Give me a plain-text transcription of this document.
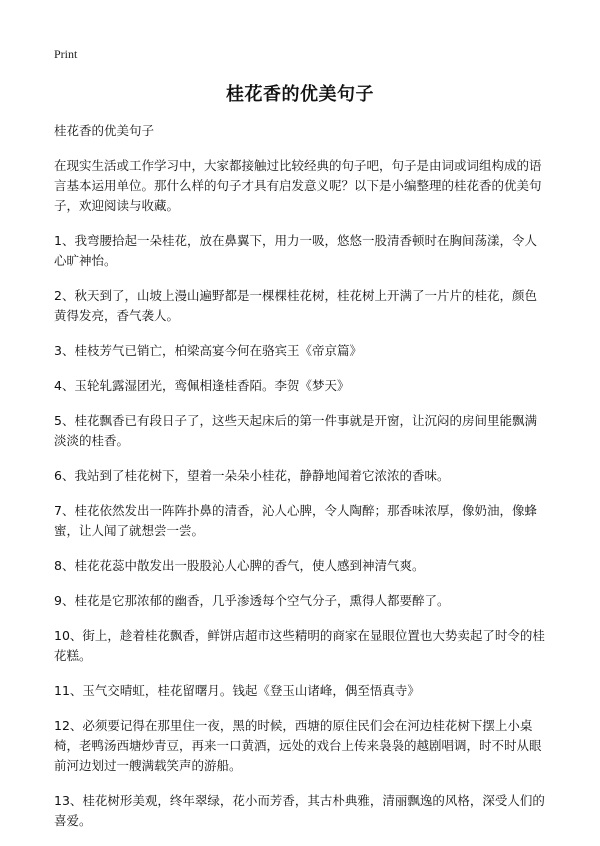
Print
桂花香的优美句子

桂花香的优美句子

在现实生活或工作学习中，大家都接触过比较经典的句子吧，句子是由词或词组构成的语言基本运用单位。那什么样的句子才具有启发意义呢？以下是小编整理的桂花香的优美句子，欢迎阅读与收藏。

1、我弯腰拾起一朵桂花，放在鼻翼下，用力一吸，悠悠一股清香顿时在胸间荡漾，令人心旷神怡。

2、秋天到了，山坡上漫山遍野都是一棵棵桂花树，桂花树上开满了一片片的桂花，颜色黄得发亮，香气袭人。

3、桂枝芳气已销亡，柏梁高宴今何在骆宾王《帝京篇》

4、玉轮轧露湿团光，鸾佩相逢桂香陌。李贺《梦天》

5、桂花飘香已有段日子了，这些天起床后的第一件事就是开窗，让沉闷的房间里能飘满淡淡的桂香。

6、我站到了桂花树下，望着一朵朵小桂花，静静地闻着它浓浓的香味。

7、桂花依然发出一阵阵扑鼻的清香，沁人心脾，令人陶醉；那香味浓厚，像奶油，像蜂蜜，让人闻了就想尝一尝。

8、桂花花蕊中散发出一股股沁人心脾的香气，使人感到神清气爽。

9、桂花是它那浓郁的幽香，几乎渗透每个空气分子，熏得人都要醉了。

10、街上，趁着桂花飘香，鲜饼店超市这些精明的商家在显眼位置也大势卖起了时令的桂花糕。

11、玉气交晴虹，桂花留曙月。钱起《登玉山诸峰，偶至悟真寺》

12、必须要记得在那里住一夜，黑的时候，西塘的原住民们会在河边桂花树下摆上小桌椅，老鸭汤西塘炒青豆，再来一口黄酒，远处的戏台上传来袅袅的越剧唱调，时不时从眼前河边划过一艘满载笑声的游船。

13、桂花树形美观，终年翠绿，花小而芳香，其古朴典雅，清丽飘逸的风格，深受人们的喜爱。
